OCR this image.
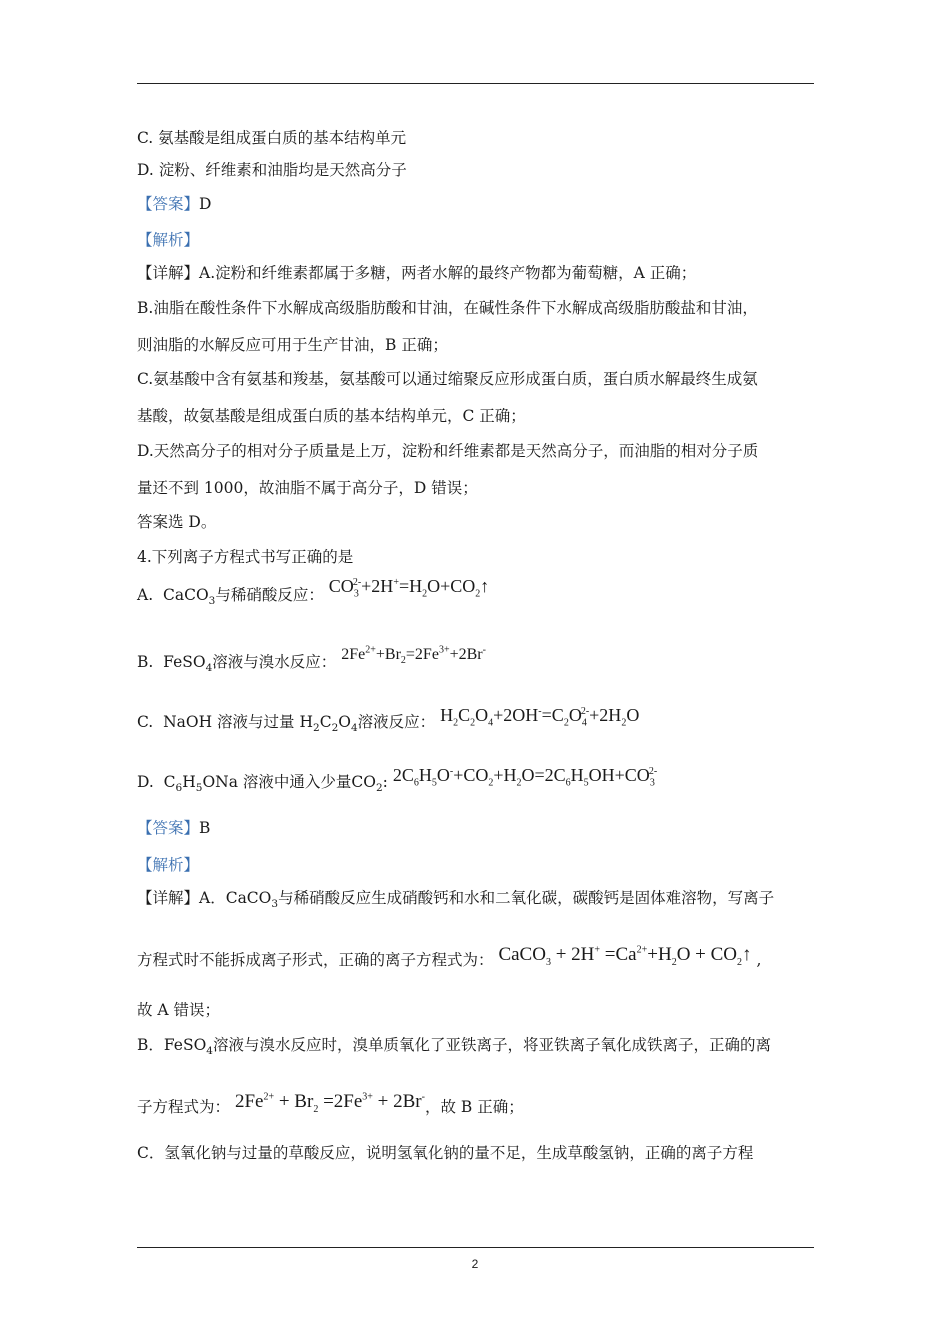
C. 氨基酸是组成蛋白质的基本结构单元
D. 淀粉、纤维素和油脂均是天然高分子
【答案】D
【解析】
【详解】A.淀粉和纤维素都属于多糖，两者水解的最终产物都为葡萄糖，A 正确；
B.油脂在酸性条件下水解成高级脂肪酸和甘油，在碱性条件下水解成高级脂肪酸盐和甘油，
则油脂的水解反应可用于生产甘油，B 正确；
C.氨基酸中含有氨基和羧基，氨基酸可以通过缩聚反应形成蛋白质，蛋白质水解最终生成氨
基酸，故氨基酸是组成蛋白质的基本结构单元，C 正确；
D.天然高分子的相对分子质量是上万，淀粉和纤维素都是天然高分子，而油脂的相对分子质
量还不到 1000，故油脂不属于高分子，D 错误；
答案选 D。
4.下列离子方程式书写正确的是
A.  CaCO$_3$与稀硝酸反应： $CO_3^{2-}+2H^+=H_2O+CO_2↑$
B.  FeSO$_4$溶液与溴水反应： $2Fe^{2+}+Br_2=2Fe^{3+}+2Br^-$
C. NaOH 溶液与过量 $H_2C_2O_4$溶液反应： $H_2C_2O_4+2OH^-=C_2O_4^{2-}+2H_2O$
D.  $C_6H_5ONa$ 溶液中通入少量$CO_2$: $2C_6H_5O^-+CO_2+H_2O=2C_6H_5OH+CO_3^{2-}$
【答案】B
【解析】
【详解】A．CaCO$_3$与稀硝酸反应生成硝酸钙和水和二氧化碳，碳酸钙是固体难溶物，写离子
方程式时不能拆成离子形式，正确的离子方程式为： CaCO$_3$ + $2H^+ =Ca^{2+}+H_2O$ + $CO_2↑$ ,
故 A 错误；
B．FeSO$_4$溶液与溴水反应时，溴单质氧化了亚铁离子，将亚铁离子氧化成铁离子，正确的离
子方程式为： $2Fe^{2+} + Br_2 =2Fe^{3+} + 2Br^-$，故 B 正确；
C．氢氧化钠与过量的草酸反应，说明氢氧化钠的量不足，生成草酸氢钠，正确的离子方程
2
